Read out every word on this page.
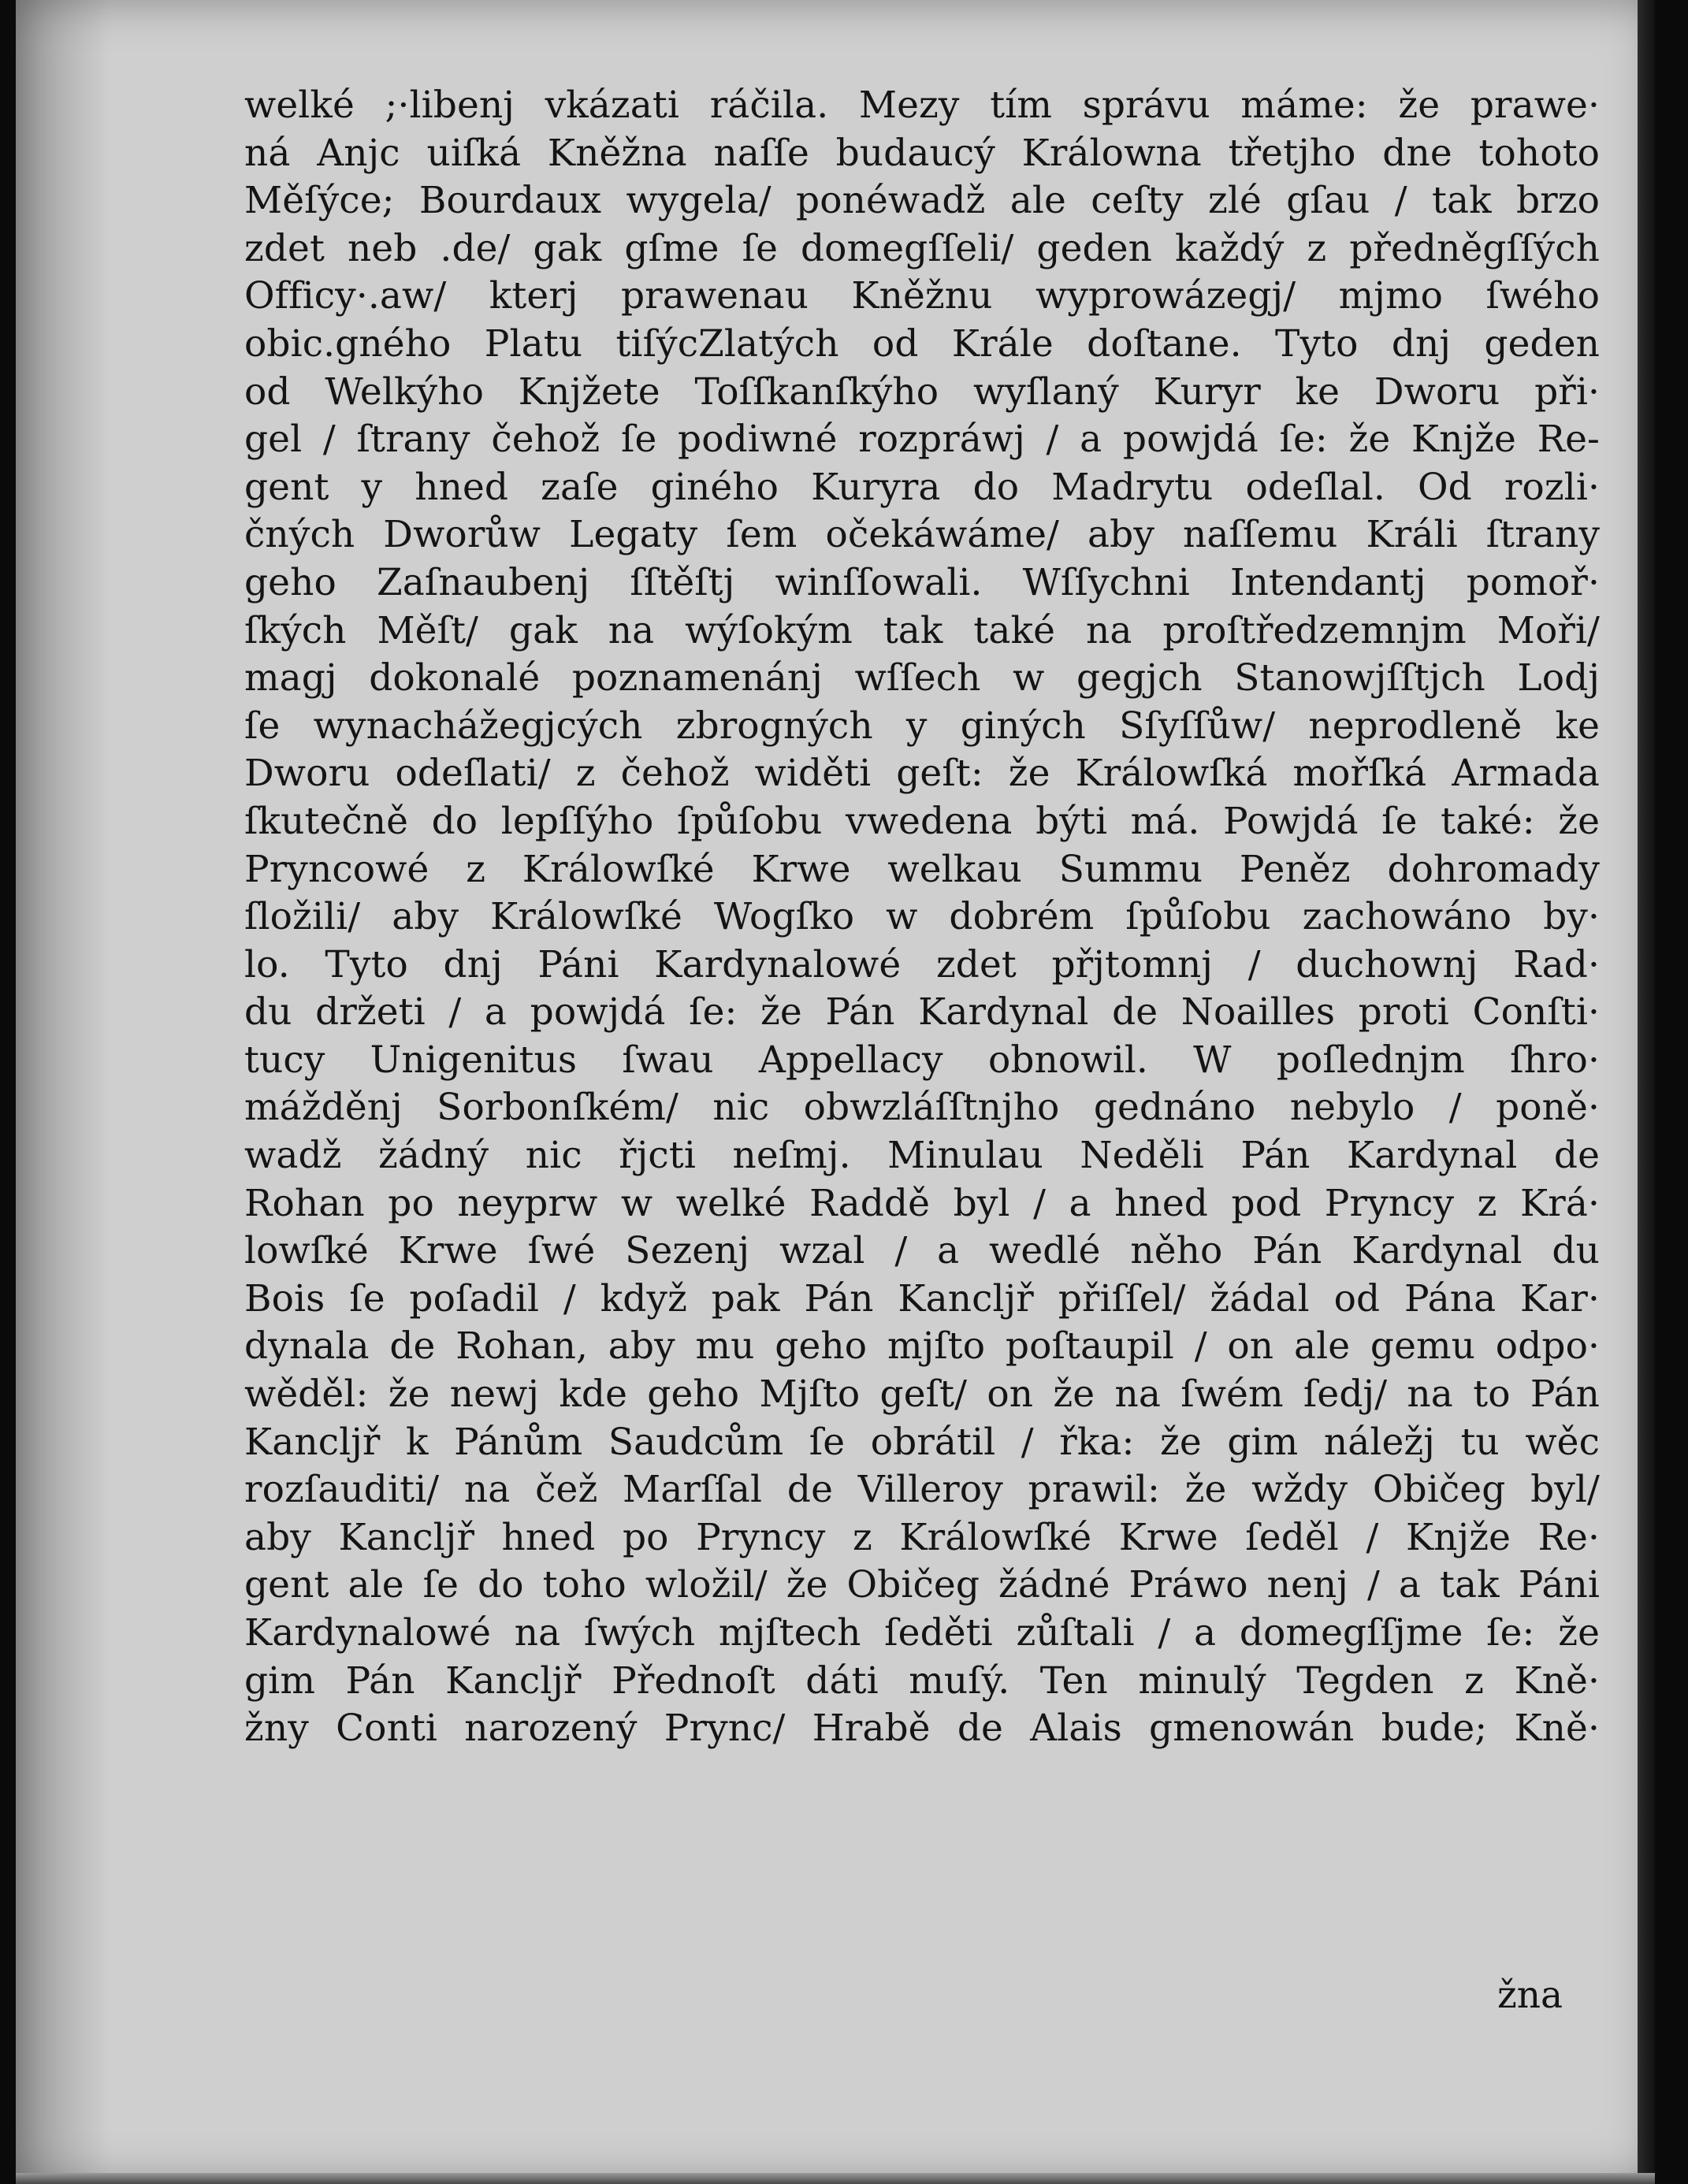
welké ;·libenj vkázati ráčila. Mezy tím správu máme: že prawe·
ná Anjc uiſká Kněžna naſſe budaucý Králowna třetjho dne tohoto
Měſýce; Bourdaux wygela/ ponéwadž ale ceſty zlé gſau / tak brzo
zdet neb .de/ gak gſme ſe domegſſeli/ geden každý z předněgſſých
Officy·.aw/ kterj prawenau Kněžnu wyprowázegj/ mjmo ſwého
obic.gného Platu tiſýcZlatých od Krále doſtane. Tyto dnj geden
od Welkýho Knjžete Toſſkanſkýho wyſlaný Kuryr ke Dworu při·
gel / ſtrany čehož ſe podiwné rozpráwj / a powjdá ſe: že Knjže Re-
gent y hned zaſe giného Kuryra do Madrytu odeſlal. Od rozli·
čných Dworůw Legaty ſem očekáwáme/ aby naſſemu Králi ſtrany
geho Zaſnaubenj ſſtěſtj winſſowali. Wſſychni Intendantj pomoř·
ſkých Měſt/ gak na wýſokým tak také na proſtředzemnjm Moři/
magj dokonalé poznamenánj wſſech w gegjch Stanowjſſtjch Lodj
ſe wynachážegjcých zbrogných y giných Sſyſſůw/ neprodleně ke
Dworu odeſlati/ z čehož widěti geſt: že Králowſká mořſká Armada
ſkutečně do lepſſýho ſpůſobu vwedena býti má. Powjdá ſe také: že
Pryncowé z Králowſké Krwe welkau Summu Peněz dohromady
ſložili/ aby Králowſké Wogſko w dobrém ſpůſobu zachowáno by·
lo. Tyto dnj Páni Kardynalowé zdet přjtomnj / duchownj Rad·
du držeti / a powjdá ſe: že Pán Kardynal de Noailles proti Conſti·
tucy Unigenitus ſwau Appellacy obnowil. W poſlednjm ſhro·
mážděnj Sorbonſkém/ nic obwzláſſtnjho gednáno nebylo / poně·
wadž žádný nic řjcti neſmj. Minulau Neděli Pán Kardynal de
Rohan po neyprw w welké Raddě byl / a hned pod Pryncy z Krá·
lowſké Krwe ſwé Sezenj wzal / a wedlé něho Pán Kardynal du
Bois ſe poſadil / když pak Pán Kancljř přiſſel/ žádal od Pána Kar·
dynala de Rohan, aby mu geho mjſto poſtaupil / on ale gemu odpo·
wěděl: že newj kde geho Mjſto geſt/ on že na ſwém ſedj/ na to Pán
Kancljř k Pánům Saudcům ſe obrátil / řka: že gim náležj tu wěc
rozſauditi/ na čež Marſſal de Villeroy prawil: že wždy Običeg byl/
aby Kancljř hned po Pryncy z Králowſké Krwe ſeděl / Knjže Re·
gent ale ſe do toho wložil/ že Običeg žádné Práwo nenj / a tak Páni
Kardynalowé na ſwých mjſtech ſeděti zůſtali / a domegſſjme ſe: že
gim Pán Kancljř Přednoſt dáti muſý. Ten minulý Tegden z Kně·
žny Conti narozený Prync/ Hrabě de Alais gmenowán bude; Kně·
žna
